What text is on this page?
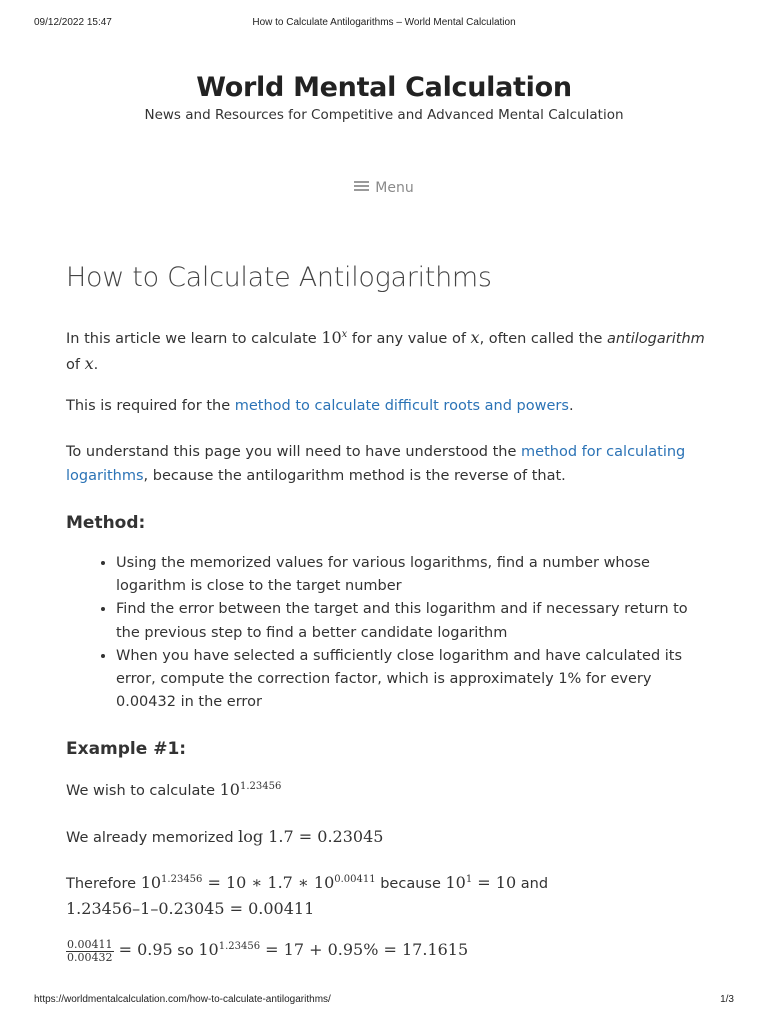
09/12/2022 15:47	How to Calculate Antilogarithms – World Mental Calculation
World Mental Calculation
News and Resources for Competitive and Advanced Mental Calculation
Menu
How to Calculate Antilogarithms

In this article we learn to calculate 10$^x$ for any value of x, often called the antilogarithm of x.

This is required for the method to calculate difficult roots and powers.

To understand this page you will need to have understood the method for calculating logarithms, because the antilogarithm method is the reverse of that.

Method:
• Using the memorized values for various logarithms, find a number whose logarithm is close to the target number
• Find the error between the target and this logarithm and if necessary return to the previous step to find a better candidate logarithm
• When you have selected a sufficiently close logarithm and have calculated its error, compute the correction factor, which is approximately 1% for every 0.00432 in the error
Example #1:

We wish to calculate $10^{1.23456}$

We already memorized log 1.7 = 0.23045

Therefore $10^{1.23456} = 10$ ∗ 1.7 ∗ $10^{0.00411}$ because $10^1 = 10$ and
1.23456–1–0.23045 = 0.00411

$\frac{0.00411}{0.00432} = 0.95$ so $10^{1.23456} = 17 + 0.95\% = 17.1615$

https://worldmentalcalculation.com/how-to-calculate-antilogarithms/	1/3
